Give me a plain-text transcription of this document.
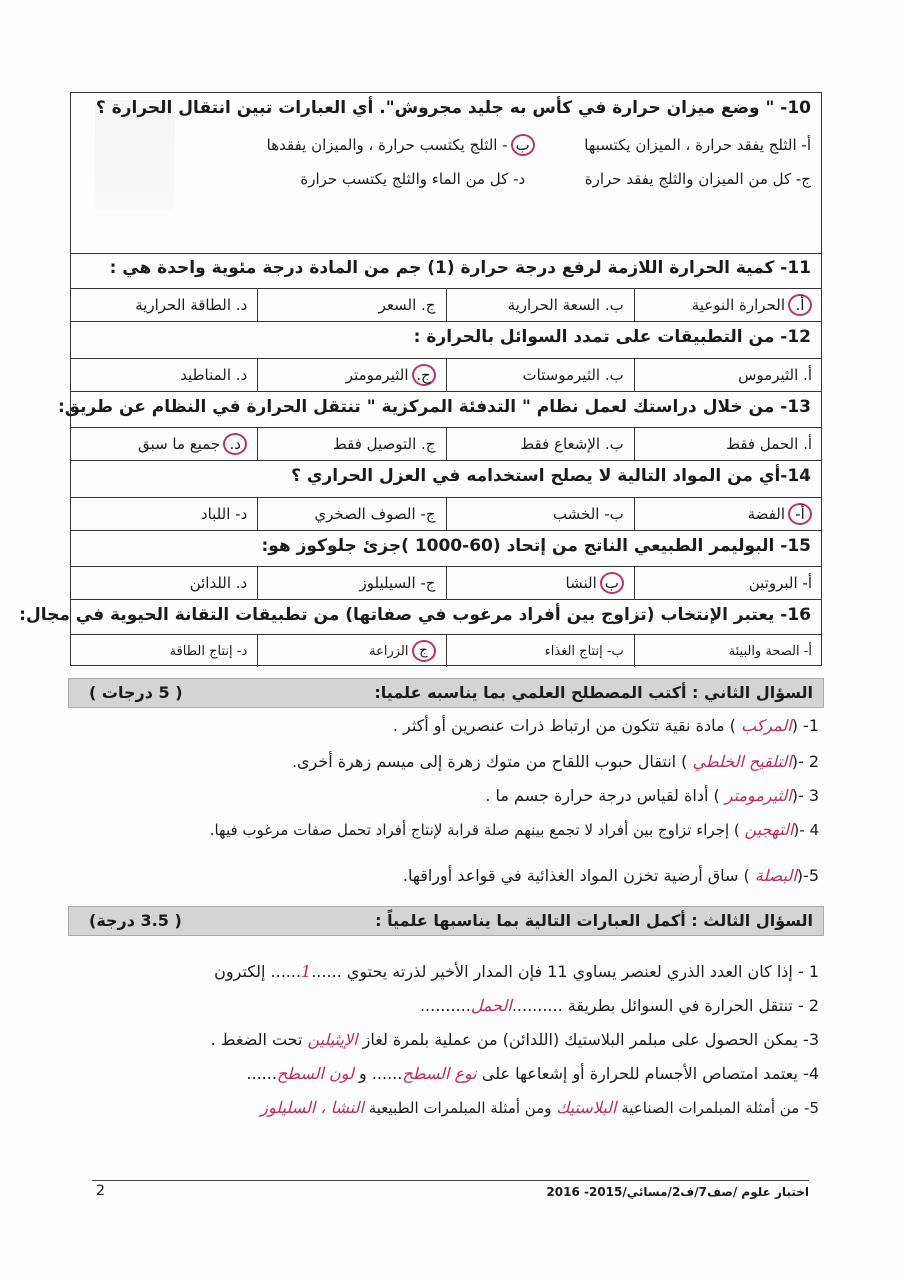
10- " وضع ميزان حرارة في كأس به جليد مجروش". أي العبارات تبين انتقال الحرارة ؟
أ- الثلج يفقد حرارة ، الميزان يكتسبها  ب- الثلج يكتسب حرارة ، والميزان يفقدها
ج- كل من الميزان والثلج يفقد حرارة  د- كل من الماء والثلج يكتسب حرارة
11- كمية الحرارة اللازمة لرفع درجة حرارة (1) جم من المادة درجة مئوية واحدة هي :
أ.
الحرارة النوعية
ب. السعة الحرارية
ج. السعر
د. الطاقة الحرارية
12- من التطبيقات على تمدد السوائل بالحرارة :
أ. الثيرموس
ب. الثيرموستات
ج.
الثيرمومتر
د. المناطيد
13- من خلال دراستك لعمل نظام " التدفئة المركزية " تنتقل الحرارة في النظام عن طريق:
أ. الحمل فقط
ب. الإشعاع فقط
ج. التوصيل فقط
د.
جميع ما سبق
14-أي من المواد التالية لا يصلح استخدامه في العزل الحراري ؟
أ-
الفضة
ب- الخشب
ج- الصوف الصخري
د- اللباد
15- البوليمر الطبيعي الناتج من إتحاد (60-1000 )جزئ جلوكوز هو:
أ- البروتين
ب
النشا
ج- السيليلوز
د. اللدائن
16- يعتبر الإنتخاب (تزاوج بين أفراد مرغوب في صفاتها) من تطبيقات التقانة الحيوية في مجال:
أ- الصحة والبيئة
ب- إنتاج الغذاء
ج
الزراعة
د- إنتاج الطاقة
السؤال الثاني : أكتب المصطلح العلمي بما يناسبه علميا:
( 5 درجات )
1- (المركب ) مادة نقية تتكون من ارتباط ذرات عنصرين أو أكثر .
2 -(التلقيح الخلطي ) انتقال حبوب اللقاح من متوك زهرة إلى ميسم زهرة أخرى.
3 -(الثيرمومتر ) أداة لقياس درجة حرارة جسم ما .
4 -(التهجين ) إجراء تزاوج بين أفراد لا تجمع بينهم صلة قرابة لإنتاج أفراد تحمل صفات مرغوب فيها.
5-(البصلة ) ساق أرضية تخزن المواد الغذائية في قواعد أوراقها.
السؤال الثالث : أكمل العبارات التالية بما يناسبها علمياً :
( 3.5 درجة)
1 - إذا كان العدد الذري لعنصر يساوي 11 فإن المدار الأخير لذرته يحتوي ......1...... إلكترون
2 - تنتقل الحرارة في السوائل بطريقة ..........الحمل..........
3- يمكن الحصول على مبلمر البلاستيك (اللدائن) من عملية بلمرة لغاز الإيثيلين تحت الضغط .
4- يعتمد امتصاص الأجسام للحرارة أو إشعاعها على نوع السطح...... و لون السطح......
5- من أمثلة المبلمرات الصناعية البلاستيك ومن أمثلة المبلمرات الطبيعية النشا ، السليلوز
اختبار علوم /صف7/ف2/مسائي/2015- 2016
2
